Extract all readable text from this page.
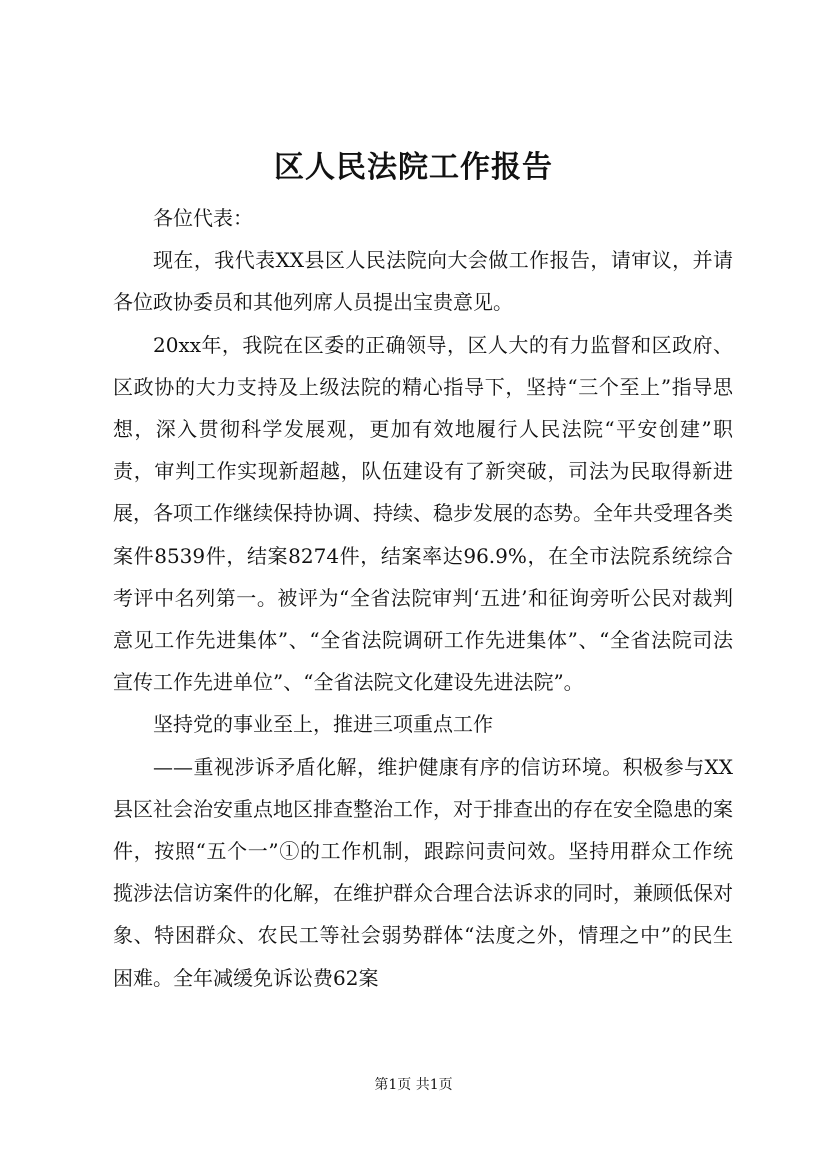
区人民法院工作报告

各位代表：

现在，我代表XX县区人民法院向大会做工作报告，请审议，并请各位政协委员和其他列席人员提出宝贵意见。

20xx年，我院在区委的正确领导，区人大的有力监督和区政府、区政协的大力支持及上级法院的精心指导下，坚持“三个至上”指导思想，深入贯彻科学发展观，更加有效地履行人民法院“平安创建”职责，审判工作实现新超越，队伍建设有了新突破，司法为民取得新进展，各项工作继续保持协调、持续、稳步发展的态势。全年共受理各类案件8539件，结案8274件，结案率达96.9%，在全市法院系统综合考评中名列第一。被评为“全省法院审判‘五进’和征询旁听公民对裁判意见工作先进集体”、“全省法院调研工作先进集体”、“全省法院司法宣传工作先进单位”、“全省法院文化建设先进法院”。

坚持党的事业至上，推进三项重点工作

——重视涉诉矛盾化解，维护健康有序的信访环境。积极参与XX县区社会治安重点地区排查整治工作，对于排查出的存在安全隐患的案件，按照“五个一”①的工作机制，跟踪问责问效。坚持用群众工作统揽涉法信访案件的化解，在维护群众合理合法诉求的同时，兼顾低保对象、特困群众、农民工等社会弱势群体“法度之外，情理之中”的民生困难。全年减缓免诉讼费62案

第1页 共1页
